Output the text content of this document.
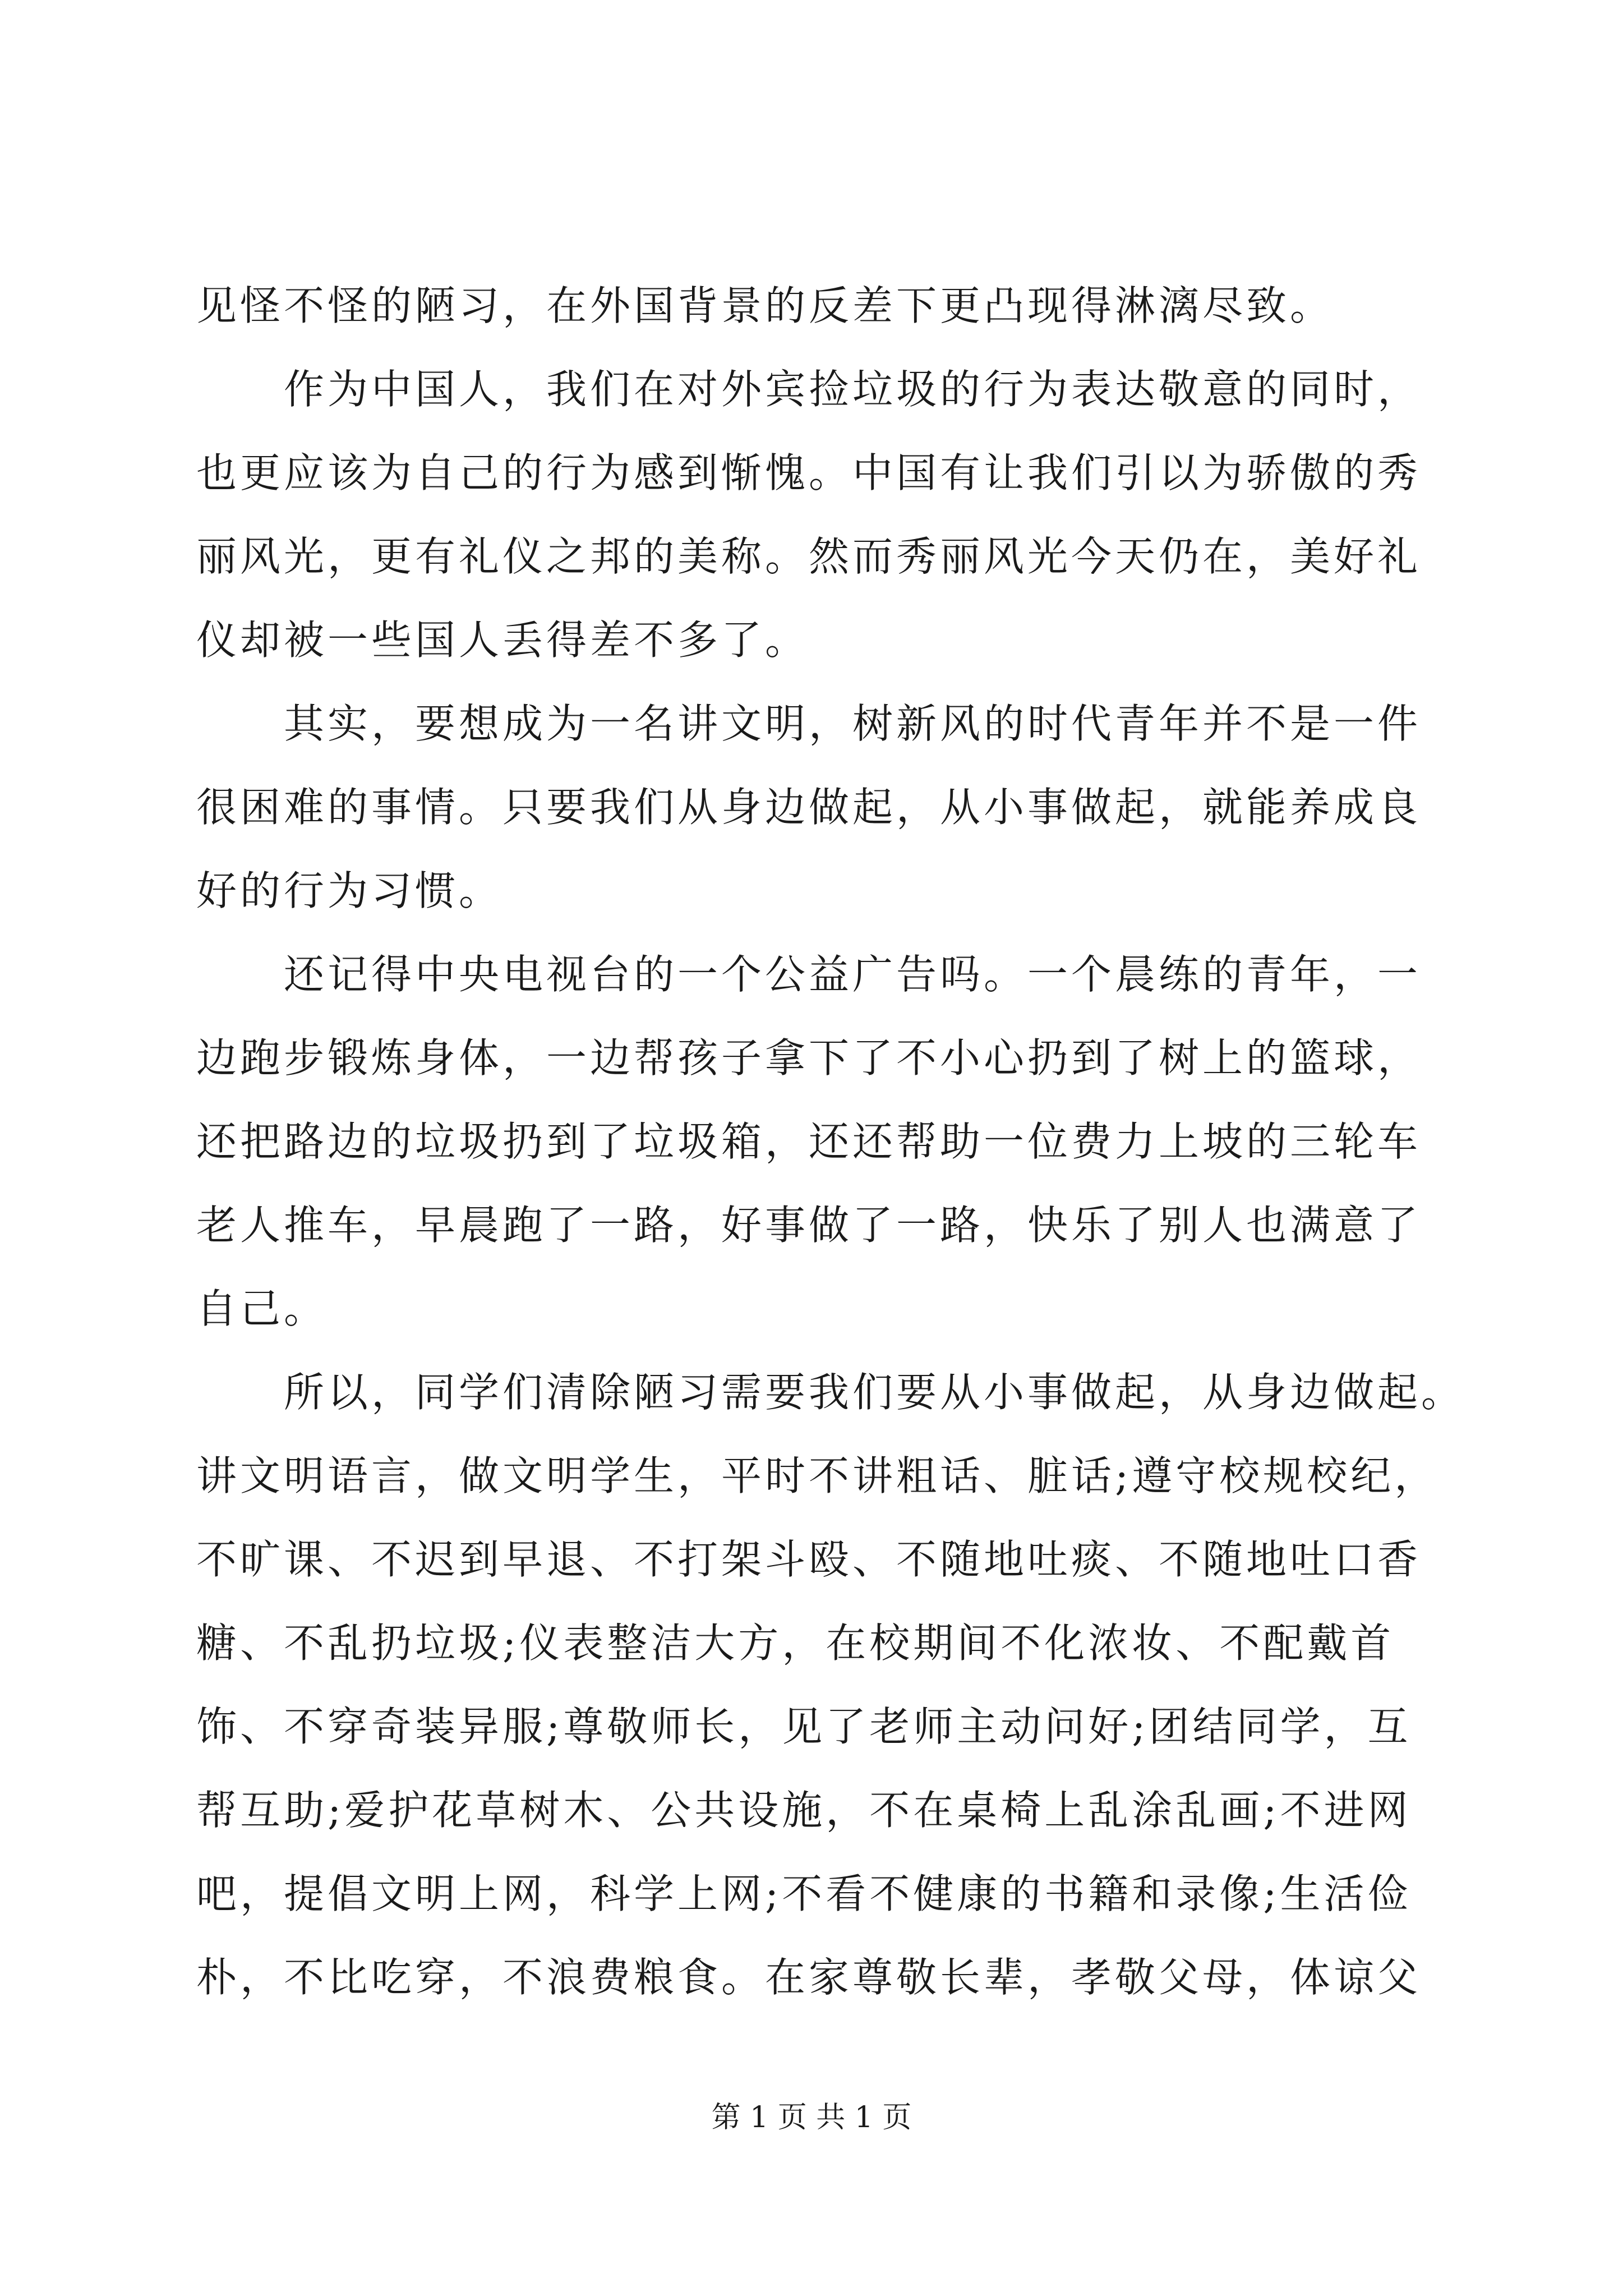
见怪不怪的陋习，在外国背景的反差下更凸现得淋漓尽致。
　　作为中国人，我们在对外宾捡垃圾的行为表达敬意的同时，
也更应该为自己的行为感到惭愧。中国有让我们引以为骄傲的秀
丽风光，更有礼仪之邦的美称。然而秀丽风光今天仍在，美好礼
仪却被一些国人丢得差不多了。
　　其实，要想成为一名讲文明，树新风的时代青年并不是一件
很困难的事情。只要我们从身边做起，从小事做起，就能养成良
好的行为习惯。
　　还记得中央电视台的一个公益广告吗。一个晨练的青年，一
边跑步锻炼身体，一边帮孩子拿下了不小心扔到了树上的篮球，
还把路边的垃圾扔到了垃圾箱，还还帮助一位费力上坡的三轮车
老人推车，早晨跑了一路，好事做了一路，快乐了别人也满意了
自己。
　　所以，同学们清除陋习需要我们要从小事做起，从身边做起。
讲文明语言，做文明学生，平时不讲粗话、脏话;遵守校规校纪，
不旷课、不迟到早退、不打架斗殴、不随地吐痰、不随地吐口香
糖、不乱扔垃圾;仪表整洁大方，在校期间不化浓妆、不配戴首
饰、不穿奇装异服;尊敬师长，见了老师主动问好;团结同学，互
帮互助;爱护花草树木、公共设施，不在桌椅上乱涂乱画;不进网
吧，提倡文明上网，科学上网;不看不健康的书籍和录像;生活俭
朴，不比吃穿，不浪费粮食。在家尊敬长辈，孝敬父母，体谅父
第 1 页 共 1 页
